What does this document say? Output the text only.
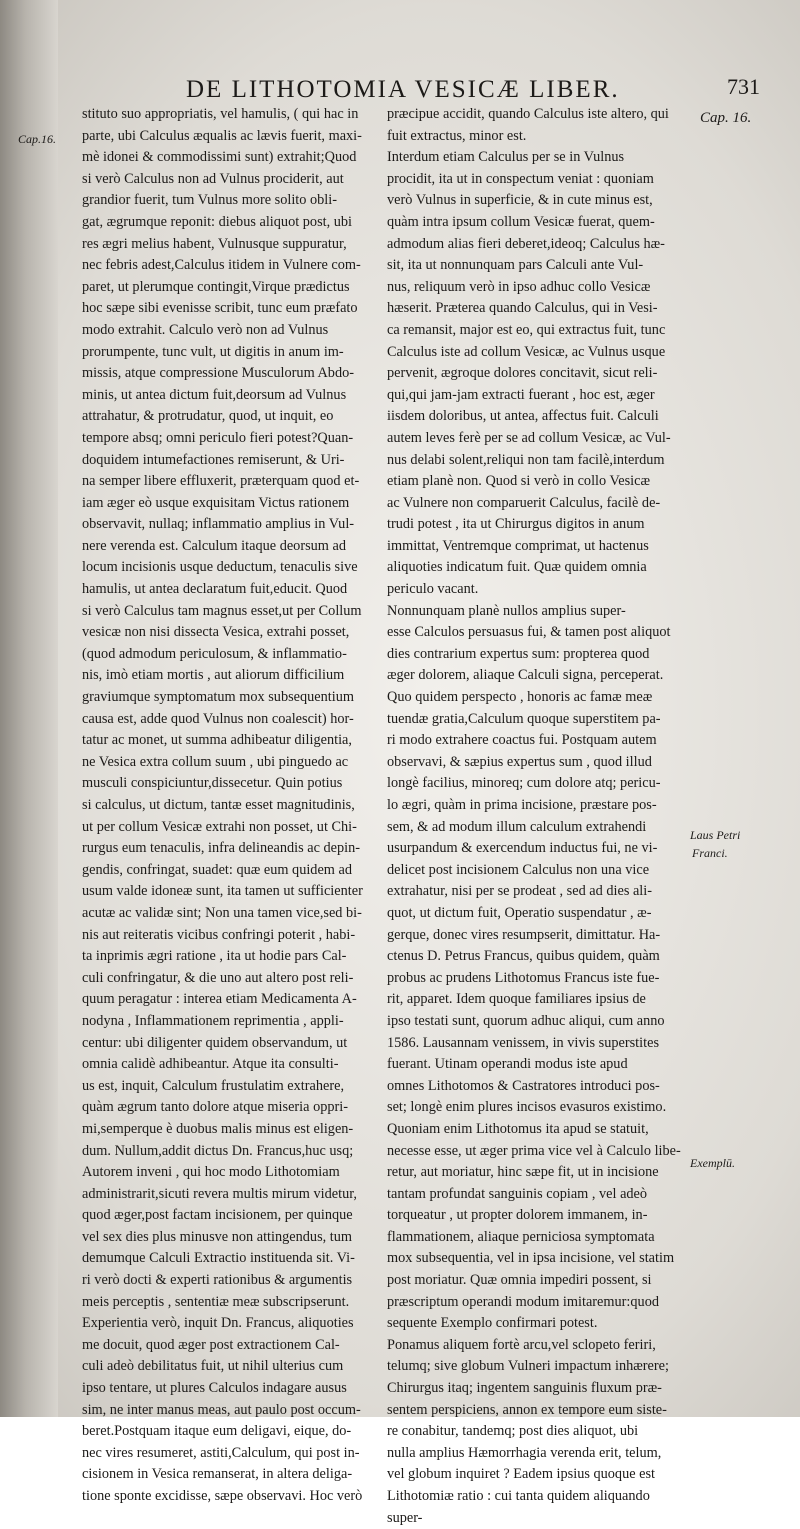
DE LITHOTOMIA VESICÆ LIBER.	731
Cap.16.
Cap. 16.
Laus Petri
Franci.
Exemplū.
stituto suo appropriatis, vel hamulis, ( qui hac in
parte, ubi Calculus æqualis ac lævis fuerit, maxi-
mè idonei & commodissimi sunt) extrahit;Quod
si verò Calculus non ad Vulnus prociderit, aut
grandior fuerit, tum Vulnus more solito obli-
gat, ægrumque reponit: diebus aliquot post, ubi
res ægri melius habent, Vulnusque suppuratur,
nec febris adest,Calculus itidem in Vulnere com-
paret, ut plerumque contingit,Virque prædictus
hoc sæpe sibi evenisse scribit, tunc eum præfato
modo extrahit. Calculo verò non ad Vulnus
prorumpente, tunc vult, ut digitis in anum im-
missis, atque compressione Musculorum Abdo-
minis, ut antea dictum fuit,deorsum ad Vulnus
attrahatur, & protrudatur, quod, ut inquit, eo
tempore absq; omni periculo fieri potest?Quan-
doquidem intumefactiones remiserunt, & Uri-
na semper libere effluxerit, præterquam quod et-
iam æger eò usque exquisitam Victus rationem
observavit, nullaq; inflammatio amplius in Vul-
nere verenda est. Calculum itaque deorsum ad
locum incisionis usque deductum, tenaculis sive
hamulis, ut antea declaratum fuit,educit. Quod
si verò Calculus tam magnus esset,ut per Collum
vesicæ non nisi dissecta Vesica, extrahi posset,
(quod admodum periculosum, & inflammatio-
nis, imò etiam mortis , aut aliorum difficilium
graviumque symptomatum mox subsequentium
causa est, adde quod Vulnus non coalescit) hor-
tatur ac monet, ut summa adhibeatur diligentia,
ne Vesica extra collum suum , ubi pinguedo ac
musculi conspiciuntur,dissecetur. Quin potius
si calculus, ut dictum, tantæ esset magnitudinis,
ut per collum Vesicæ extrahi non posset, ut Chi-
rurgus eum tenaculis, infra delineandis ac depin-
gendis, confringat, suadet: quæ eum quidem ad
usum valde idoneæ sunt, ita tamen ut sufficienter
acutæ ac validæ sint; Non una tamen vice,sed bi-
nis aut reiteratis vicibus confringi poterit , habi-
ta inprimis ægri ratione , ita ut hodie pars Cal-
culi confringatur, & die uno aut altero post reli-
quum peragatur : interea etiam Medicamenta A-
nodyna , Inflammationem reprimentia , appli-
centur: ubi diligenter quidem observandum, ut
omnia calidè adhibeantur. Atque ita consulti-
us est, inquit, Calculum frustulatim extrahere,
quàm ægrum tanto dolore atque miseria oppri-
mi,semperque è duobus malis minus est eligen-
dum. Nullum,addit dictus Dn. Francus,huc usq;
Autorem inveni , qui hoc modo Lithotomiam
administrarit,sicuti revera multis mirum videtur,
quod æger,post factam incisionem, per quinque
vel sex dies plus minusve non attingendus, tum
demumque Calculi Extractio instituenda sit. Vi-
ri verò docti & experti rationibus & argumentis
meis perceptis , sententiæ meæ subscripserunt.
Experientia verò, inquit Dn. Francus, aliquoties
me docuit, quod æger post extractionem Cal-
culi adeò debilitatus fuit, ut nihil ulterius cum
ipso tentare, ut plures Calculos indagare ausus
sim, ne inter manus meas, aut paulo post occum-
beret.Postquam itaque eum deligavi, eique, do-
nec vires resumeret, astiti,Calculum, qui post in-
cisionem in Vesica remanserat, in altera deliga-
tione sponte excidisse, sæpe observavi. Hoc verò
præcipue accidit, quando Calculus iste altero, qui
fuit extractus, minor est.
Interdum etiam Calculus per se in Vulnus
procidit, ita ut in conspectum veniat : quoniam
verò Vulnus in superficie, & in cute minus est,
quàm intra ipsum collum Vesicæ fuerat, quem-
admodum alias fieri deberet,ideoq; Calculus hæ-
sit, ita ut nonnunquam pars Calculi ante Vul-
nus, reliquum verò in ipso adhuc collo Vesicæ
hæserit. Præterea quando Calculus, qui in Vesi-
ca remansit, major est eo, qui extractus fuit, tunc
Calculus iste ad collum Vesicæ, ac Vulnus usque
pervenit, ægroque dolores concitavit, sicut reli-
qui,qui jam-jam extracti fuerant , hoc est, æger
iisdem doloribus, ut antea, affectus fuit. Calculi
autem leves ferè per se ad collum Vesicæ, ac Vul-
nus delabi solent,reliqui non tam facilè,interdum
etiam planè non. Quod si verò in collo Vesicæ
ac Vulnere non comparuerit Calculus, facilè de-
trudi potest , ita ut Chirurgus digitos in anum
immittat, Ventremque comprimat, ut hactenus
aliquoties indicatum fuit. Quæ quidem omnia
periculo vacant.
Nonnunquam planè nullos amplius super-
esse Calculos persuasus fui, & tamen post aliquot
dies contrarium expertus sum: propterea quod
æger dolorem, aliaque Calculi signa, perceperat.
Quo quidem perspecto , honoris ac famæ meæ
tuendæ gratia,Calculum quoque superstitem pa-
ri modo extrahere coactus fui. Postquam autem
observavi, & sæpius expertus sum , quod illud
longè facilius, minoreq; cum dolore atq; pericu-
lo ægri, quàm in prima incisione, præstare pos-
sem, & ad modum illum calculum extrahendi
usurpandum & exercendum inductus fui, ne vi-
delicet post incisionem Calculus non una vice
extrahatur, nisi per se prodeat , sed ad dies ali-
quot, ut dictum fuit, Operatio suspendatur , æ-
gerque, donec vires resumpserit, dimittatur. Ha-
ctenus D. Petrus Francus, quibus quidem, quàm
probus ac prudens Lithotomus Francus iste fue-
rit, apparet. Idem quoque familiares ipsius de
ipso testati sunt, quorum adhuc aliqui, cum anno
1586. Lausannam venissem, in vivis superstites
fuerant. Utinam operandi modus iste apud
omnes Lithotomos & Castratores introduci pos-
set; longè enim plures incisos evasuros existimo.
Quoniam enim Lithotomus ita apud se statuit,
necesse esse, ut æger prima vice vel à Calculo libe-
retur, aut moriatur, hinc sæpe fit, ut in incisione
tantam profundat sanguinis copiam , vel adeò
torqueatur , ut propter dolorem immanem, in-
flammationem, aliaque perniciosa symptomata
mox subsequentia, vel in ipsa incisione, vel statim
post moriatur. Quæ omnia impediri possent, si
præscriptum operandi modum imitaremur:quod
sequente Exemplo confirmari potest.
Ponamus aliquem fortè arcu,vel sclopeto feriri,
telumq; sive globum Vulneri impactum inhærere;
Chirurgus itaq; ingentem sanguinis fluxum præ-
sentem perspiciens, annon ex tempore eum siste-
re conabitur, tandemq; post dies aliquot, ubi
nulla amplius Hæmorrhagia verenda erit, telum,
vel globum inquiret ? Eadem ipsius quoque est
Lithotomiæ ratio : cui tanta quidem aliquando
super-
